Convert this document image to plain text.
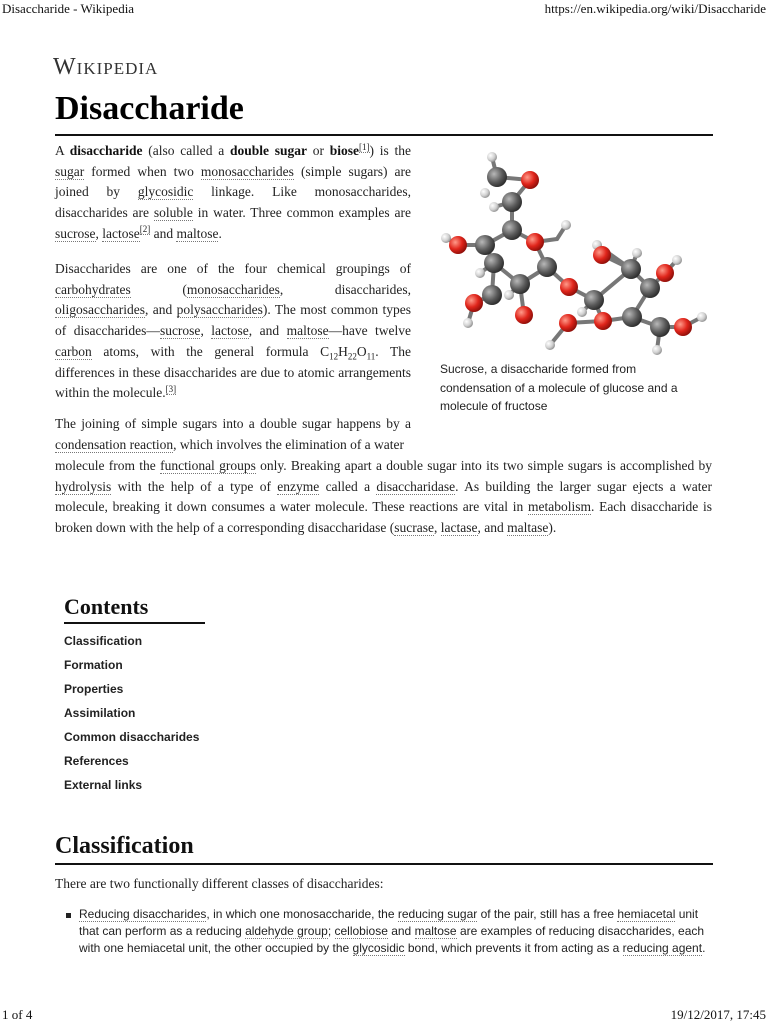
Disaccharide - Wikipedia	https://en.wikipedia.org/wiki/Disaccharide
Wikipedia
Disaccharide
A disaccharide (also called a double sugar or biose[1]) is the sugar formed when two monosaccharides (simple sugars) are joined by glycosidic linkage. Like monosaccharides, disaccharides are soluble in water. Three common examples are sucrose, lactose[2] and maltose.
Disaccharides are one of the four chemical groupings of carbohydrates (monosaccharides, disaccharides, oligosaccharides, and polysaccharides). The most common types of disaccharides—sucrose, lactose, and maltose—have twelve carbon atoms, with the general formula $C_{12}H_{22}O_{11}$. The differences in these disaccharides are due to atomic arrangements within the molecule.[3]
The joining of simple sugars into a double sugar happens by a condensation reaction, which involves the elimination of a water
molecule from the functional groups only. Breaking apart a double sugar into its two simple sugars is accomplished by hydrolysis with the help of a type of enzyme called a disaccharidase. As building the larger sugar ejects a water molecule, breaking it down consumes a water molecule. These reactions are vital in metabolism. Each disaccharide is broken down with the help of a corresponding disaccharidase (sucrase, lactase, and maltase).
Sucrose, a disaccharide formed from condensation of a molecule of glucose and a molecule of fructose
Contents
Classification
Formation
Properties
Assimilation
Common disaccharides
References
External links
Classification
There are two functionally different classes of disaccharides:
Reducing disaccharides, in which one monosaccharide, the reducing sugar of the pair, still has a free hemiacetal unit that can perform as a reducing aldehyde group; cellobiose and maltose are examples of reducing disaccharides, each with one hemiacetal unit, the other occupied by the glycosidic bond, which prevents it from acting as a reducing agent.
1 of 4	19/12/2017, 17:45
